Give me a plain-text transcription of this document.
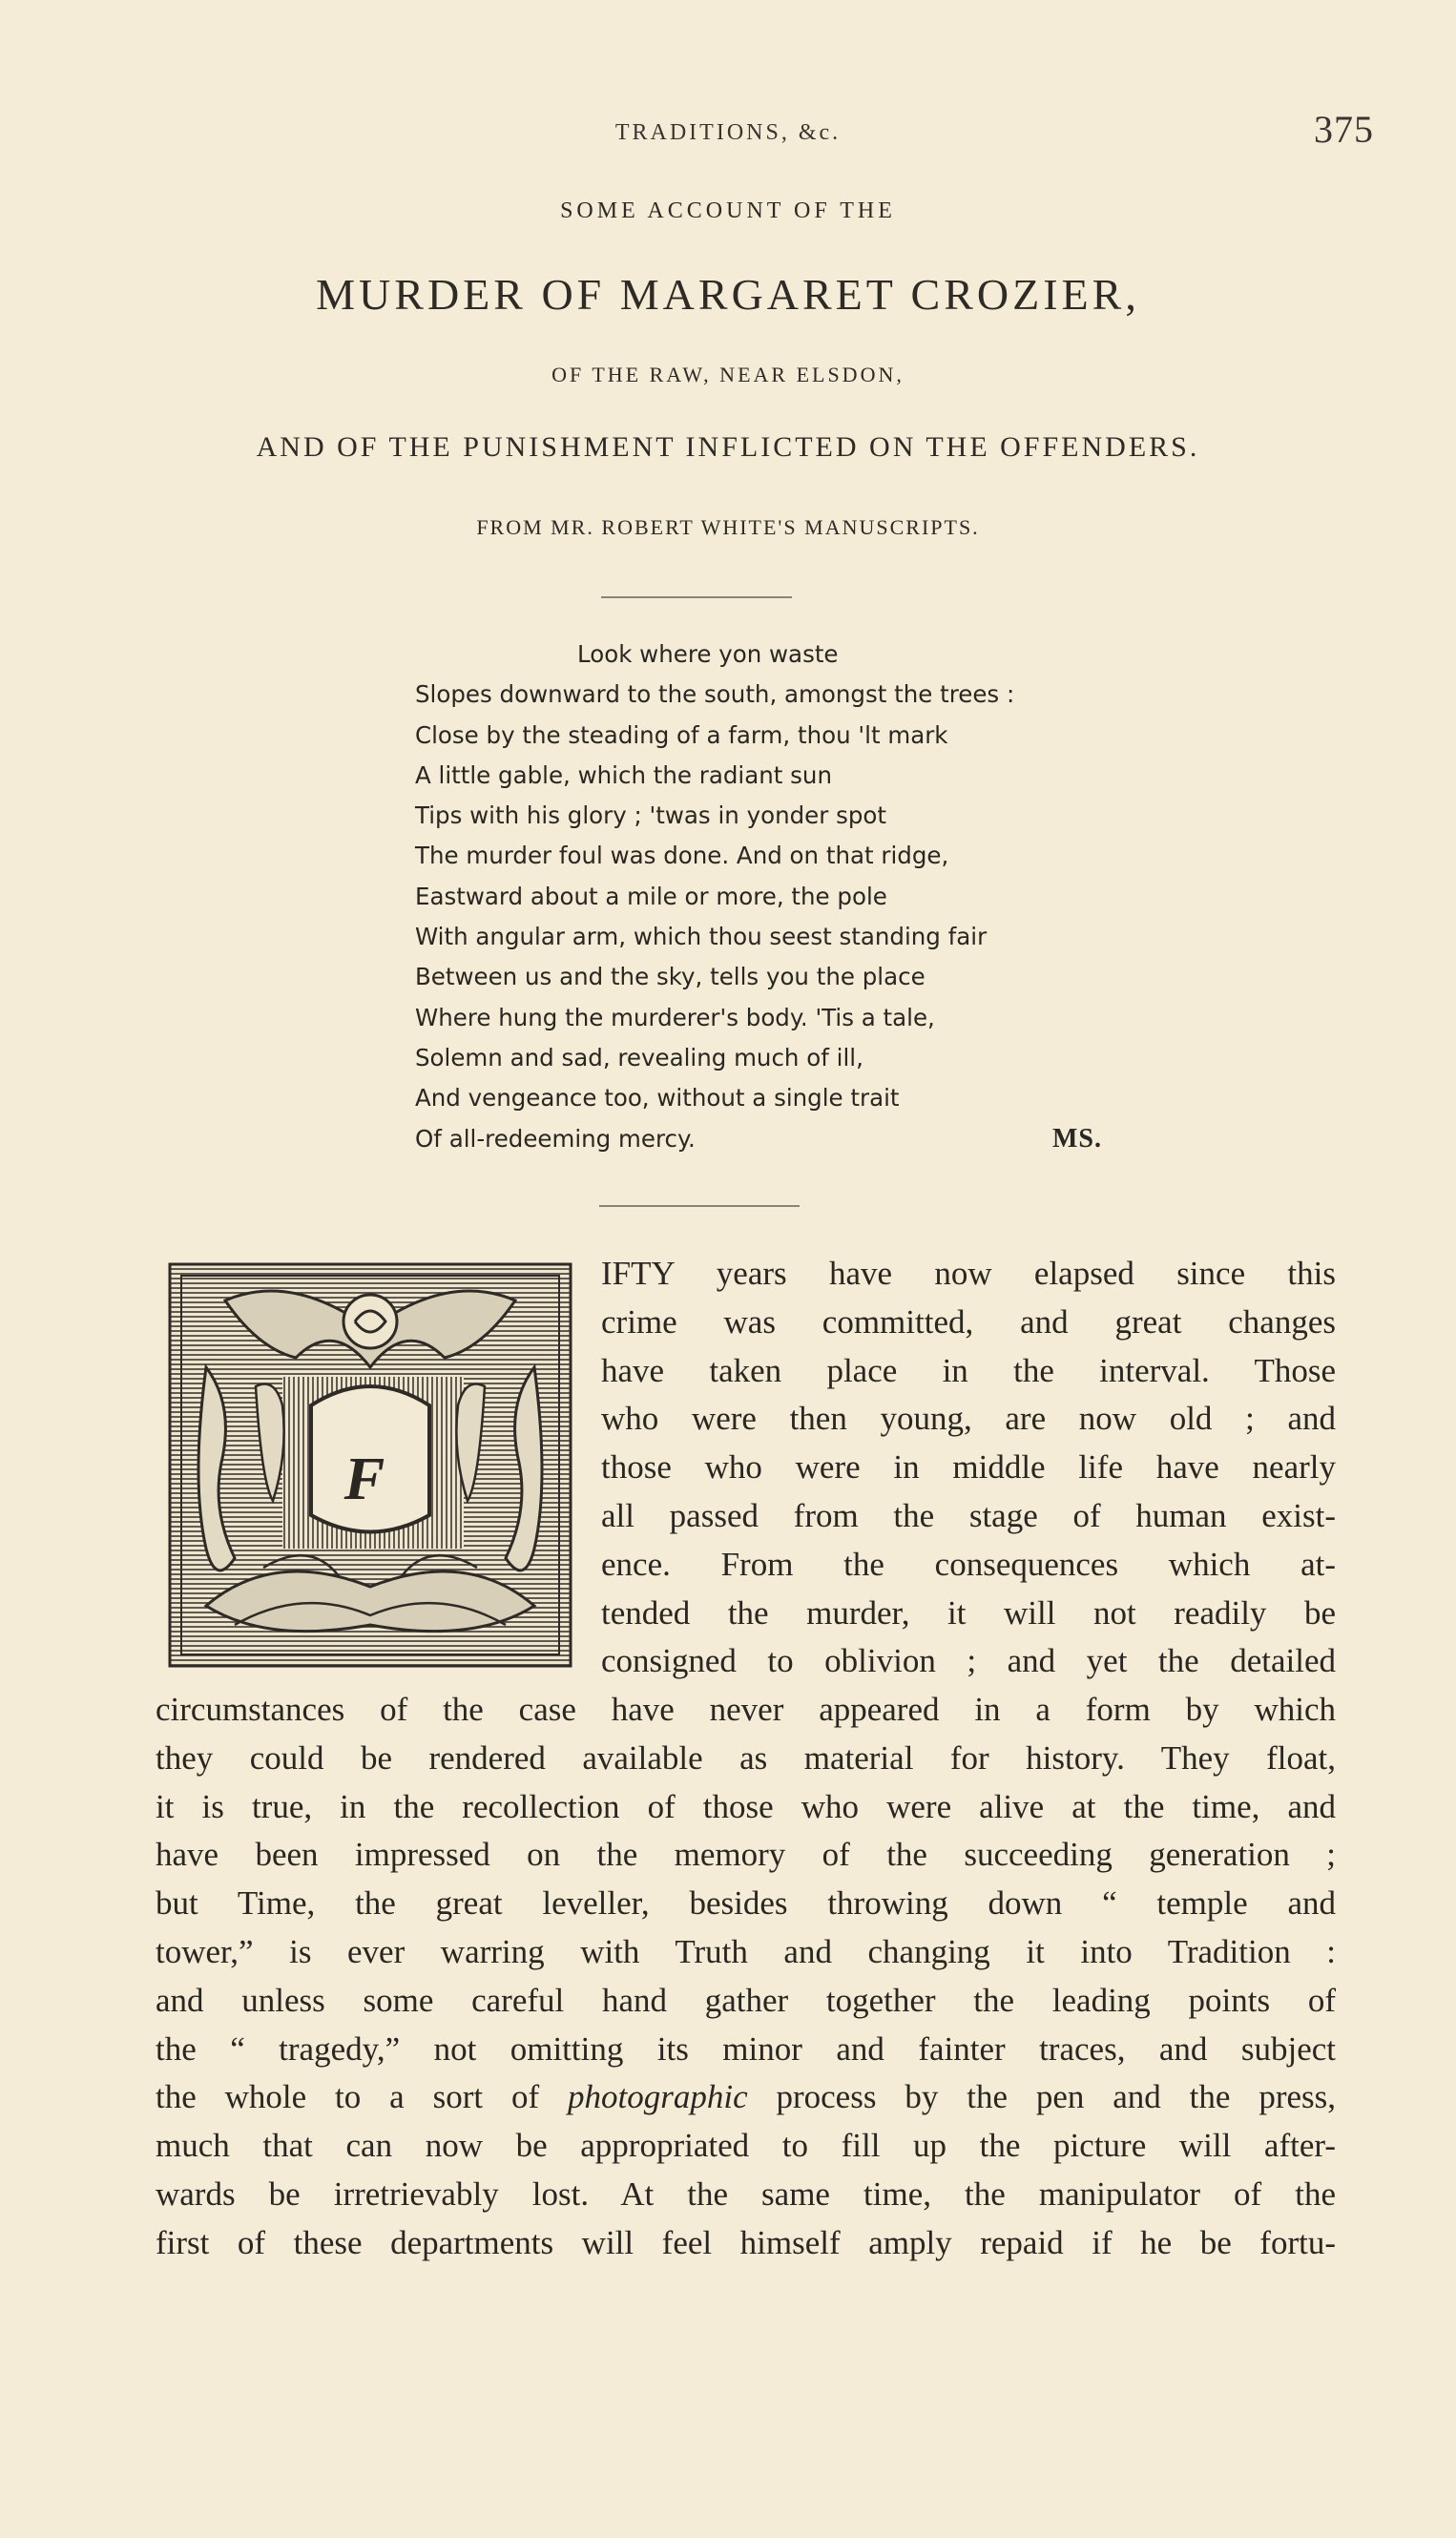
TRADITIONS, &c.	375
SOME ACCOUNT OF THE
MURDER OF MARGARET CROZIER,
OF THE RAW, NEAR ELSDON,
AND OF THE PUNISHMENT INFLICTED ON THE OFFENDERS.
FROM MR. ROBERT WHITE'S MANUSCRIPTS.
Look where yon waste
Slopes downward to the south, amongst the trees :
Close by the steading of a farm, thou 'lt mark
A little gable, which the radiant sun
Tips with his glory ; 'twas in yonder spot
The murder foul was done. And on that ridge,
Eastward about a mile or more, the pole
With angular arm, which thou seest standing fair
Between us and the sky, tells you the place
Where hung the murderer's body. 'Tis a tale,
Solemn and sad, revealing much of ill,
And vengeance too, without a single trait
Of all-redeeming mercy.	MS.
F
IFTY years have now elapsed since this
crime was committed, and great changes
have taken place in the interval. Those
who were then young, are now old ; and
those who were in middle life have nearly
all passed from the stage of human exist-
ence. From the consequences which at-
tended the murder, it will not readily be
consigned to oblivion ; and yet the detailed
circumstances of the case have never appeared in a form by which
they could be rendered available as material for history. They float,
it is true, in the recollection of those who were alive at the time, and
have been impressed on the memory of the succeeding generation ;
but Time, the great leveller, besides throwing down “ temple and
tower,” is ever warring with Truth and changing it into Tradition :
and unless some careful hand gather together the leading points of
the “ tragedy,” not omitting its minor and fainter traces, and subject
the whole to a sort of photographic process by the pen and the press,
much that can now be appropriated to fill up the picture will after-
wards be irretrievably lost. At the same time, the manipulator of the
first of these departments will feel himself amply repaid if he be fortu-
